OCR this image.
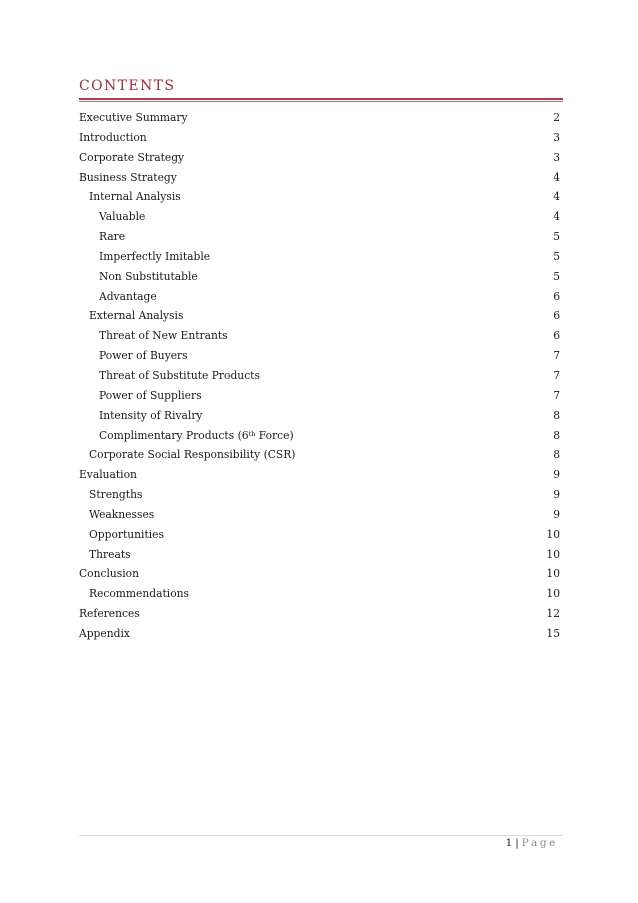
CONTENTS
Executive Summary	2
Introduction	3
Corporate Strategy	3
Business Strategy	4
Internal Analysis	4
Valuable	4
Rare	5
Imperfectly Imitable	5
Non Substitutable	5
Advantage	6
External Analysis	6
Threat of New Entrants	6
Power of Buyers	7
Threat of Substitute Products	7
Power of Suppliers	7
Intensity of Rivalry	8
Complimentary Products (6th Force)	8
Corporate Social Responsibility (CSR)	8
Evaluation	9
Strengths	9
Weaknesses	9
Opportunities	10
Threats	10
Conclusion	10
Recommendations	10
References	12
Appendix	15
1 | Page
